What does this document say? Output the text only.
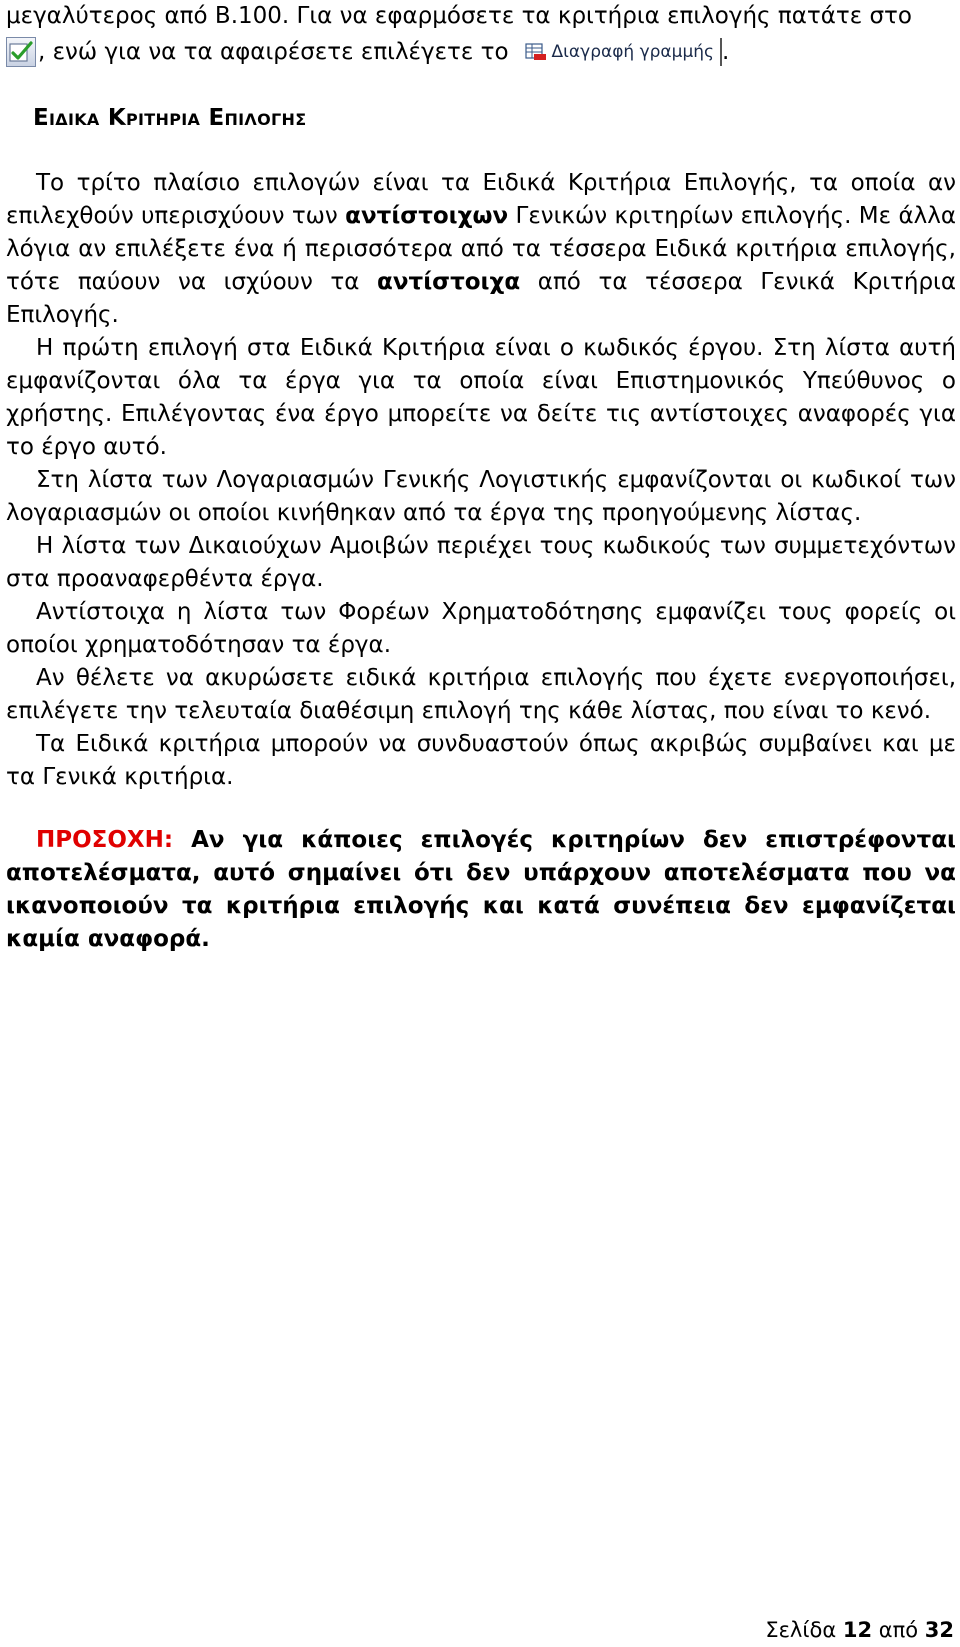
μεγαλύτερος από Β.100. Για να εφαρμόσετε τα κριτήρια επιλογής πατάτε στο

, ενώ για να τα αφαιρέσετε επιλέγετε το	Διαγραφή γραμμής .
Ειδικα Κριτηρια Επιλογησ

Το τρίτο πλαίσιο επιλογών είναι τα Ειδικά Κριτήρια Επιλογής, τα οποία αν επιλεχθούν υπερισχύουν των αντίστοιχων Γενικών κριτηρίων επιλογής. Με άλλα λόγια αν επιλέξετε ένα ή περισσότερα από τα τέσσερα Ειδικά κριτήρια επιλογής, τότε παύουν να ισχύουν τα αντίστοιχα από τα τέσσερα Γενικά Κριτήρια Επιλογής.

Η πρώτη επιλογή στα Ειδικά Κριτήρια είναι ο κωδικός έργου. Στη λίστα αυτή εμφανίζονται όλα τα έργα για τα οποία είναι Επιστημονικός Υπεύθυνος ο χρήστης. Επιλέγοντας ένα έργο μπορείτε να δείτε τις αντίστοιχες αναφορές για το έργο αυτό.

Στη λίστα των Λογαριασμών Γενικής Λογιστικής εμφανίζονται οι κωδικοί των λογαριασμών οι οποίοι κινήθηκαν από τα έργα της προηγούμενης λίστας.

Η λίστα των Δικαιούχων Αμοιβών περιέχει τους κωδικούς των συμμετεχόντων στα προαναφερθέντα έργα.

Αντίστοιχα η λίστα των Φορέων Χρηματοδότησης εμφανίζει τους φορείς οι οποίοι χρηματοδότησαν τα έργα.

Αν θέλετε να ακυρώσετε ειδικά κριτήρια επιλογής που έχετε ενεργοποιήσει, επιλέγετε την τελευταία διαθέσιμη επιλογή της κάθε λίστας, που είναι το κενό.

Τα Ειδικά κριτήρια μπορούν να συνδυαστούν όπως ακριβώς συμβαίνει και με τα Γενικά κριτήρια.

ΠΡΟΣΟΧΗ: Αν για κάποιες επιλογές κριτηρίων δεν επιστρέφονται αποτελέσματα, αυτό σημαίνει ότι δεν υπάρχουν αποτελέσματα που να ικανοποιούν τα κριτήρια επιλογής και κατά συνέπεια δεν εμφανίζεται καμία αναφορά.

Σελίδα 12 από 32
